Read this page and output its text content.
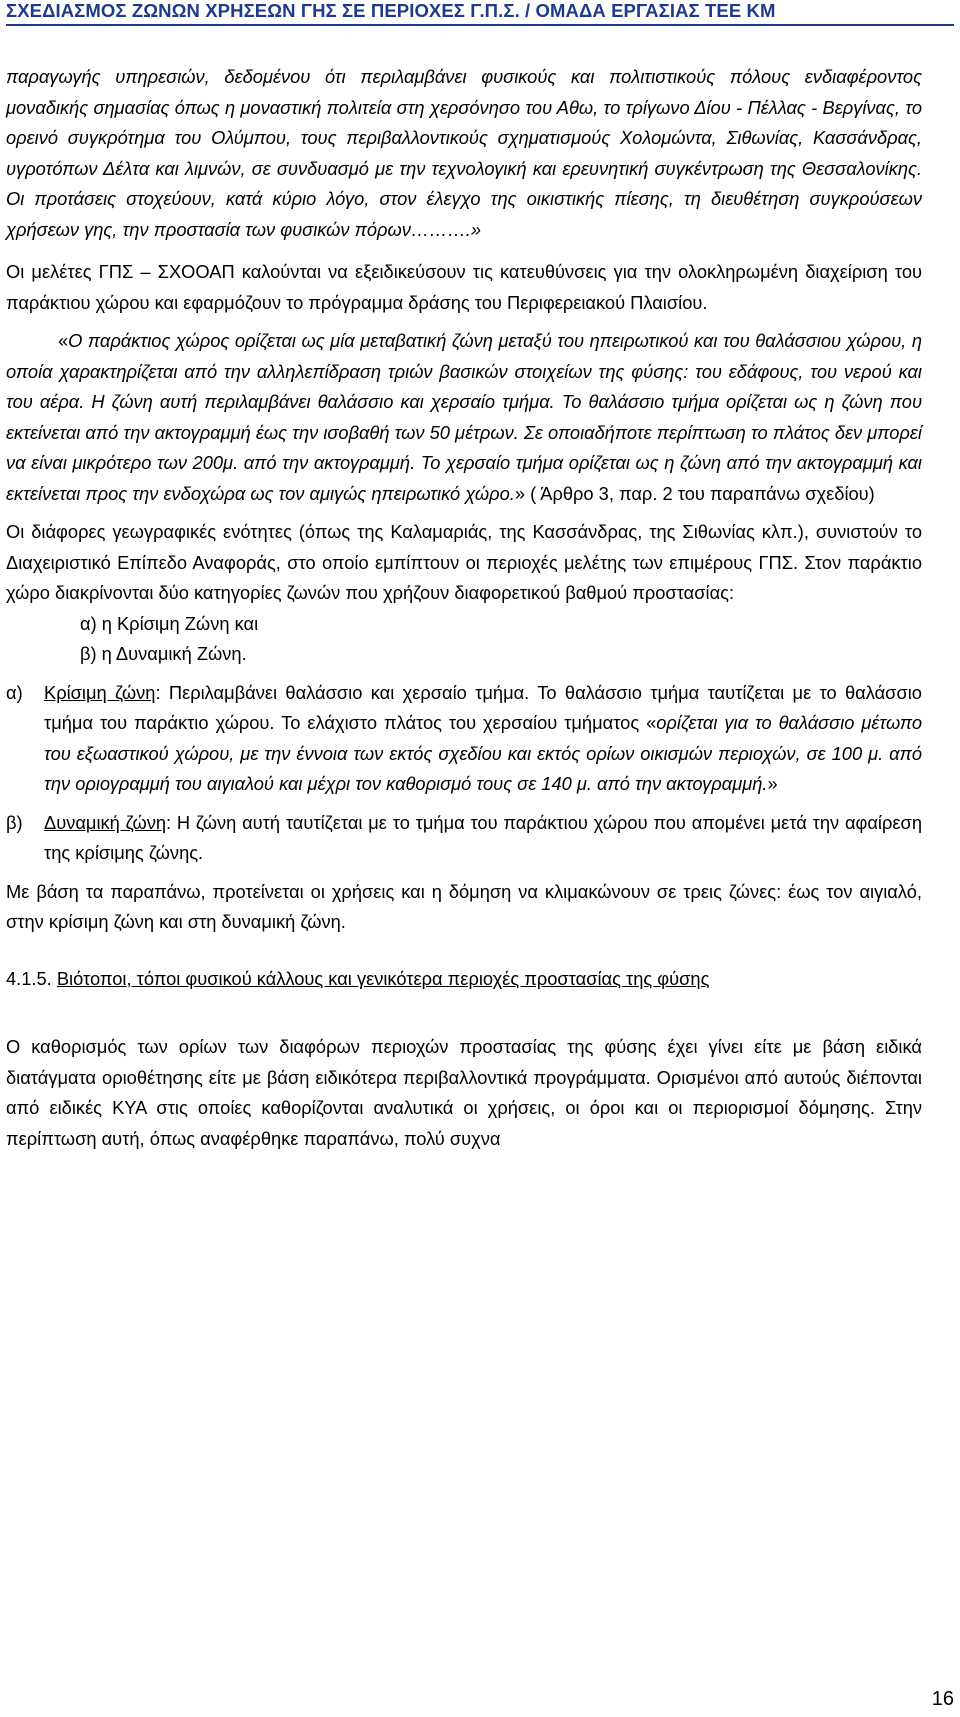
ΣΧΕΔΙΑΣΜΟΣ ΖΩΝΩΝ ΧΡΗΣΕΩΝ ΓΗΣ ΣΕ ΠΕΡΙΟΧΕΣ Γ.Π.Σ. / ΟΜΑΔΑ ΕΡΓΑΣΙΑΣ ΤΕΕ ΚΜ

παραγωγής υπηρεσιών, δεδομένου ότι περιλαμβάνει φυσικούς και πολιτιστικούς πόλους ενδιαφέροντος μοναδικής σημασίας όπως η μοναστική πολιτεία στη χερσόνησο του Αθω, το τρίγωνο Δίου - Πέλλας - Βεργίνας, το ορεινό συγκρότημα του Ολύμπου, τους περιβαλλοντικούς σχηματισμούς Χολομώντα, Σιθωνίας, Κασσάνδρας, υγροτόπων Δέλτα και λιμνών, σε συνδυασμό με την τεχνολογική και ερευνητική συγκέντρωση της Θεσσαλονίκης. Οι προτάσεις στοχεύουν, κατά κύριο λόγο, στον έλεγχο της οικιστικής πίεσης, τη διευθέτηση συγκρούσεων χρήσεων γης, την προστασία των φυσικών πόρων……….»

Οι μελέτες ΓΠΣ – ΣΧΟΟΑΠ καλούνται να εξειδικεύσουν τις κατευθύνσεις για την ολοκληρωμένη διαχείριση του παράκτιου χώρου και εφαρμόζουν το πρόγραμμα δράσης του Περιφερειακού Πλαισίου.

«Ο παράκτιος χώρος ορίζεται ως μία μεταβατική ζώνη μεταξύ του ηπειρωτικού και του θαλάσσιου χώρου, η οποία χαρακτηρίζεται από την αλληλεπίδραση τριών βασικών στοιχείων της φύσης: του εδάφους, του νερού και του αέρα. Η ζώνη αυτή περιλαμβάνει θαλάσσιο και χερσαίο τμήμα. Το θαλάσσιο τμήμα ορίζεται ως η ζώνη που εκτείνεται από την ακτογραμμή έως την ισοβαθή των 50 μέτρων. Σε οποιαδήποτε περίπτωση το πλάτος δεν μπορεί να είναι μικρότερο των 200μ. από την ακτογραμμή. Το χερσαίο τμήμα ορίζεται ως η ζώνη από την ακτογραμμή και εκτείνεται προς την ενδοχώρα ως τον αμιγώς ηπειρωτικό χώρο.» ( Άρθρο 3, παρ. 2 του παραπάνω σχεδίου)

Οι διάφορες γεωγραφικές ενότητες (όπως της Καλαμαριάς, της Κασσάνδρας, της Σιθωνίας κλπ.), συνιστούν το Διαχειριστικό Επίπεδο Αναφοράς, στο οποίο εμπίπτουν οι περιοχές μελέτης των επιμέρους ΓΠΣ. Στον παράκτιο χώρο διακρίνονται δύο κατηγορίες ζωνών που χρήζουν διαφορετικού βαθμού προστασίας:

α) η Κρίσιμη Ζώνη και
β) η Δυναμική Ζώνη.
α)	Κρίσιμη ζώνη: Περιλαμβάνει θαλάσσιο και χερσαίο τμήμα. Το θαλάσσιο τμήμα ταυτίζεται με το θαλάσσιο τμήμα του παράκτιο χώρου. Το ελάχιστο πλάτος του χερσαίου τμήματος «ορίζεται για το θαλάσσιο μέτωπο του εξωαστικού χώρου, με την έννοια των εκτός σχεδίου και εκτός ορίων οικισμών περιοχών, σε 100 μ. από την οριογραμμή του αιγιαλού και μέχρι τον καθορισμό τους σε 140 μ. από την ακτογραμμή.»
β)	Δυναμική ζώνη: Η ζώνη αυτή ταυτίζεται με το τμήμα του παράκτιου χώρου που απομένει μετά την αφαίρεση της κρίσιμης ζώνης.

Με βάση τα παραπάνω, προτείνεται οι χρήσεις και η δόμηση να κλιμακώνουν σε τρεις ζώνες: έως τον αιγιαλό, στην κρίσιμη ζώνη και στη δυναμική ζώνη.

4.1.5. Βιότοποι, τόποι φυσικού κάλλους και γενικότερα περιοχές προστασίας της φύσης

Ο καθορισμός των ορίων των διαφόρων περιοχών προστασίας της φύσης έχει γίνει είτε με βάση ειδικά διατάγματα οριοθέτησης είτε με βάση ειδικότερα περιβαλλοντικά προγράμματα. Ορισμένοι από αυτούς διέπονται από ειδικές ΚΥΑ στις οποίες καθορίζονται αναλυτικά οι χρήσεις, οι όροι και οι περιορισμοί δόμησης. Στην περίπτωση αυτή, όπως αναφέρθηκε παραπάνω, πολύ συχνα

16
